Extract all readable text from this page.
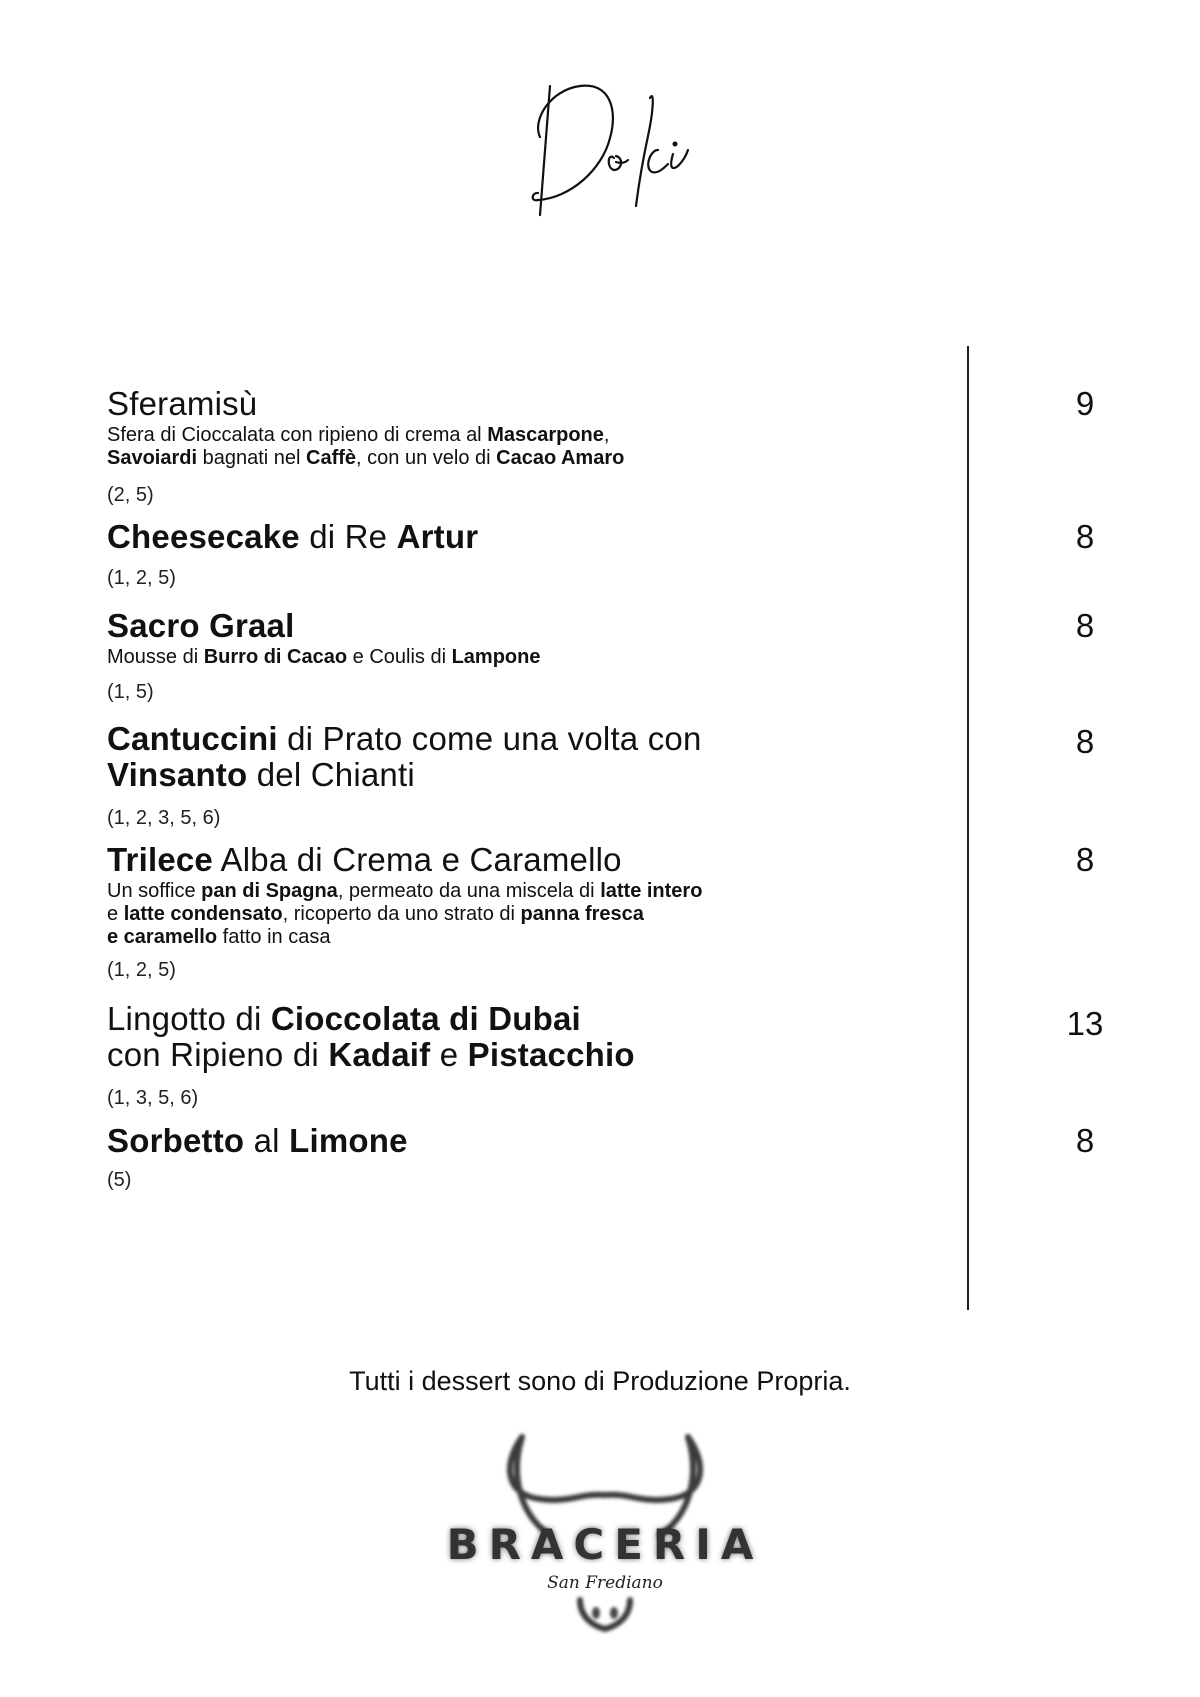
Sferamisù
Sfera di Cioccalata con ripieno di crema al Mascarpone,
Savoiardi bagnati nel Caffè, con un velo di Cacao Amaro
(2, 5)
9
Cheesecake di Re Artur
(1, 2, 5)
8
Sacro Graal
Mousse di Burro di Cacao e Coulis di Lampone
(1, 5)
8
Cantuccini di Prato come una volta con
Vinsanto del Chianti
(1, 2, 3, 5, 6)
8
Trilece Alba di Crema e Caramello
Un soffice pan di Spagna, permeato da una miscela di latte intero
e latte condensato, ricoperto da uno strato di panna fresca
e caramello fatto in casa
(1, 2, 5)
8
Lingotto di Cioccolata di Dubai
con Ripieno di Kadaif e Pistacchio
(1, 3, 5, 6)
13
Sorbetto al Limone
(5)
8
Tutti i dessert sono di Produzione Propria.
BRACERIA
San Frediano
